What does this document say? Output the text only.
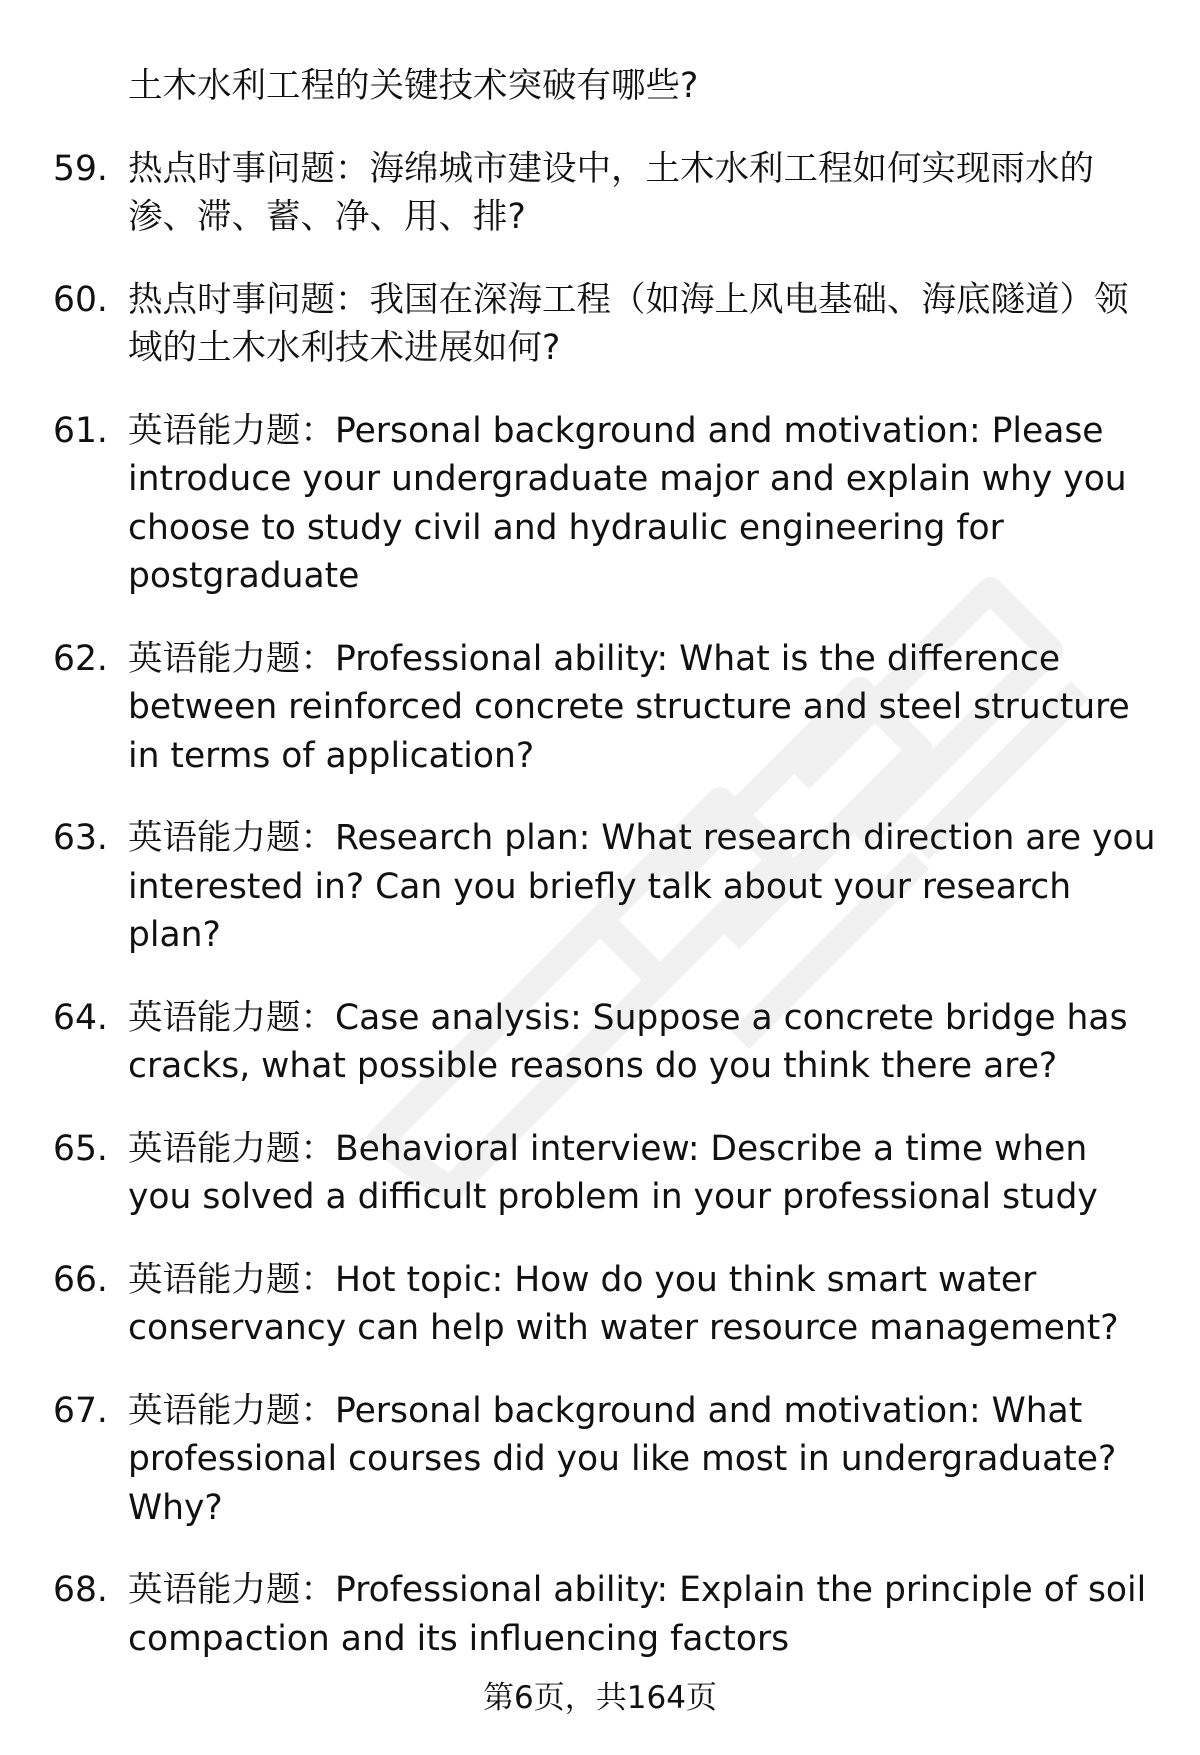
土木水利工程的关键技术突破有哪些?
59. 热点时事问题：海绵城市建设中，土木水利工程如何实现雨水的渗、滞、蓄、净、用、排?
60. 热点时事问题：我国在深海工程（如海上风电基础、海底隧道）领域的土木水利技术进展如何?
61. 英语能力题：Personal background and motivation: Please introduce your undergraduate major and explain why you choose to study civil and hydraulic engineering for postgraduate
62. 英语能力题：Professional ability: What is the difference between reinforced concrete structure and steel structure in terms of application?
63. 英语能力题：Research plan: What research direction are you interested in? Can you briefly talk about your research plan?
64. 英语能力题：Case analysis: Suppose a concrete bridge has cracks, what possible reasons do you think there are?
65. 英语能力题：Behavioral interview: Describe a time when you solved a difficult problem in your professional study
66. 英语能力题：Hot topic: How do you think smart water conservancy can help with water resource management?
67. 英语能力题：Personal background and motivation: What professional courses did you like most in undergraduate? Why?
68. 英语能力题：Professional ability: Explain the principle of soil compaction and its influencing factors
第6页，共164页
